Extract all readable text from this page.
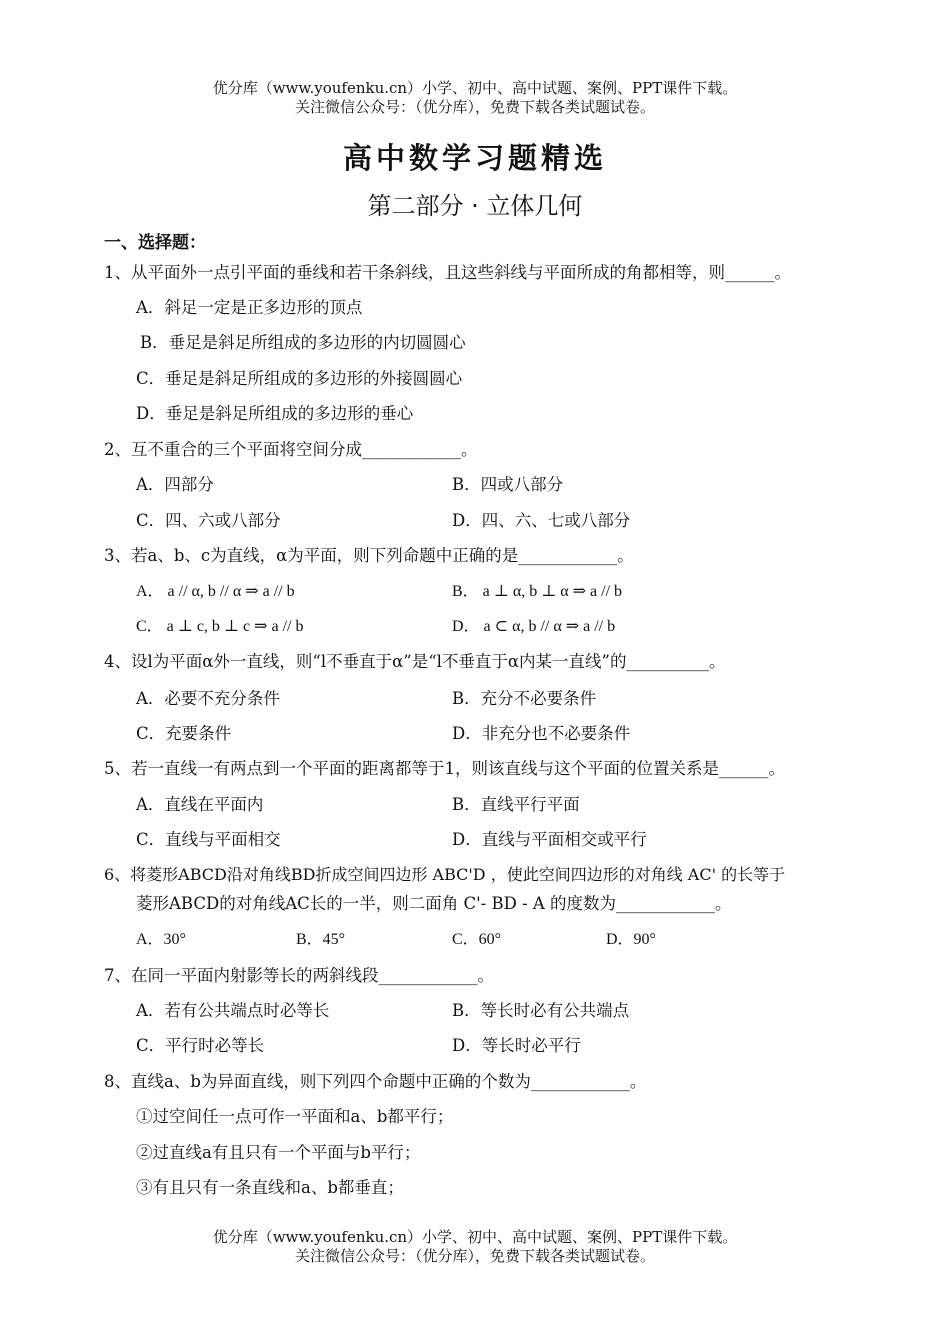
优分库（www.youfenku.cn）小学、初中、高中试题、案例、PPT课件下载。
关注微信公众号：（优分库），免费下载各类试题试卷。
高中数学习题精选
第二部分 · 立体几何
一、选择题：
1、从平面外一点引平面的垂线和若干条斜线，且这些斜线与平面所成的角都相等，则______。
A．斜足一定是正多边形的顶点
B．垂足是斜足所组成的多边形的内切圆圆心
C．垂足是斜足所组成的多边形的外接圆圆心
D．垂足是斜足所组成的多边形的垂心
2、互不重合的三个平面将空间分成____________。
A．四部分	B．四或八部分
C．四、六或八部分	D．四、六、七或八部分
3、若a、b、c为直线，α为平面，则下列命题中正确的是____________。
A． a // α, b // α ⇒ a // b	B． a ⊥ α, b ⊥ α ⇒ a // b
C． a ⊥ c, b ⊥ c ⇒ a // b	D． a ⊂ α, b // α ⇒ a // b
4、设l为平面α外一直线，则“l不垂直于α”是“l不垂直于α内某一直线”的__________。
A．必要不充分条件	B．充分不必要条件
C．充要条件	D．非充分也不必要条件
5、若一直线一有两点到一个平面的距离都等于1，则该直线与这个平面的位置关系是______。
A．直线在平面内	B．直线平行平面
C．直线与平面相交	D．直线与平面相交或平行
6、将菱形ABCD沿对角线BD折成空间四边形 ABC'D ，使此空间四边形的对角线 AC' 的长等于
菱形ABCD的对角线AC长的一半，则二面角 C'- BD - A 的度数为____________。
A．30°	B．45°	C．60°	D．90°
7、在同一平面内射影等长的两斜线段____________。
A．若有公共端点时必等长	B．等长时必有公共端点
C．平行时必等长	D．等长时必平行
8、直线a、b为异面直线，则下列四个命题中正确的个数为____________。
①过空间任一点可作一平面和a、b都平行；
②过直线a有且只有一个平面与b平行；
③有且只有一条直线和a、b都垂直；
优分库（www.youfenku.cn）小学、初中、高中试题、案例、PPT课件下载。
关注微信公众号：（优分库），免费下载各类试题试卷。
